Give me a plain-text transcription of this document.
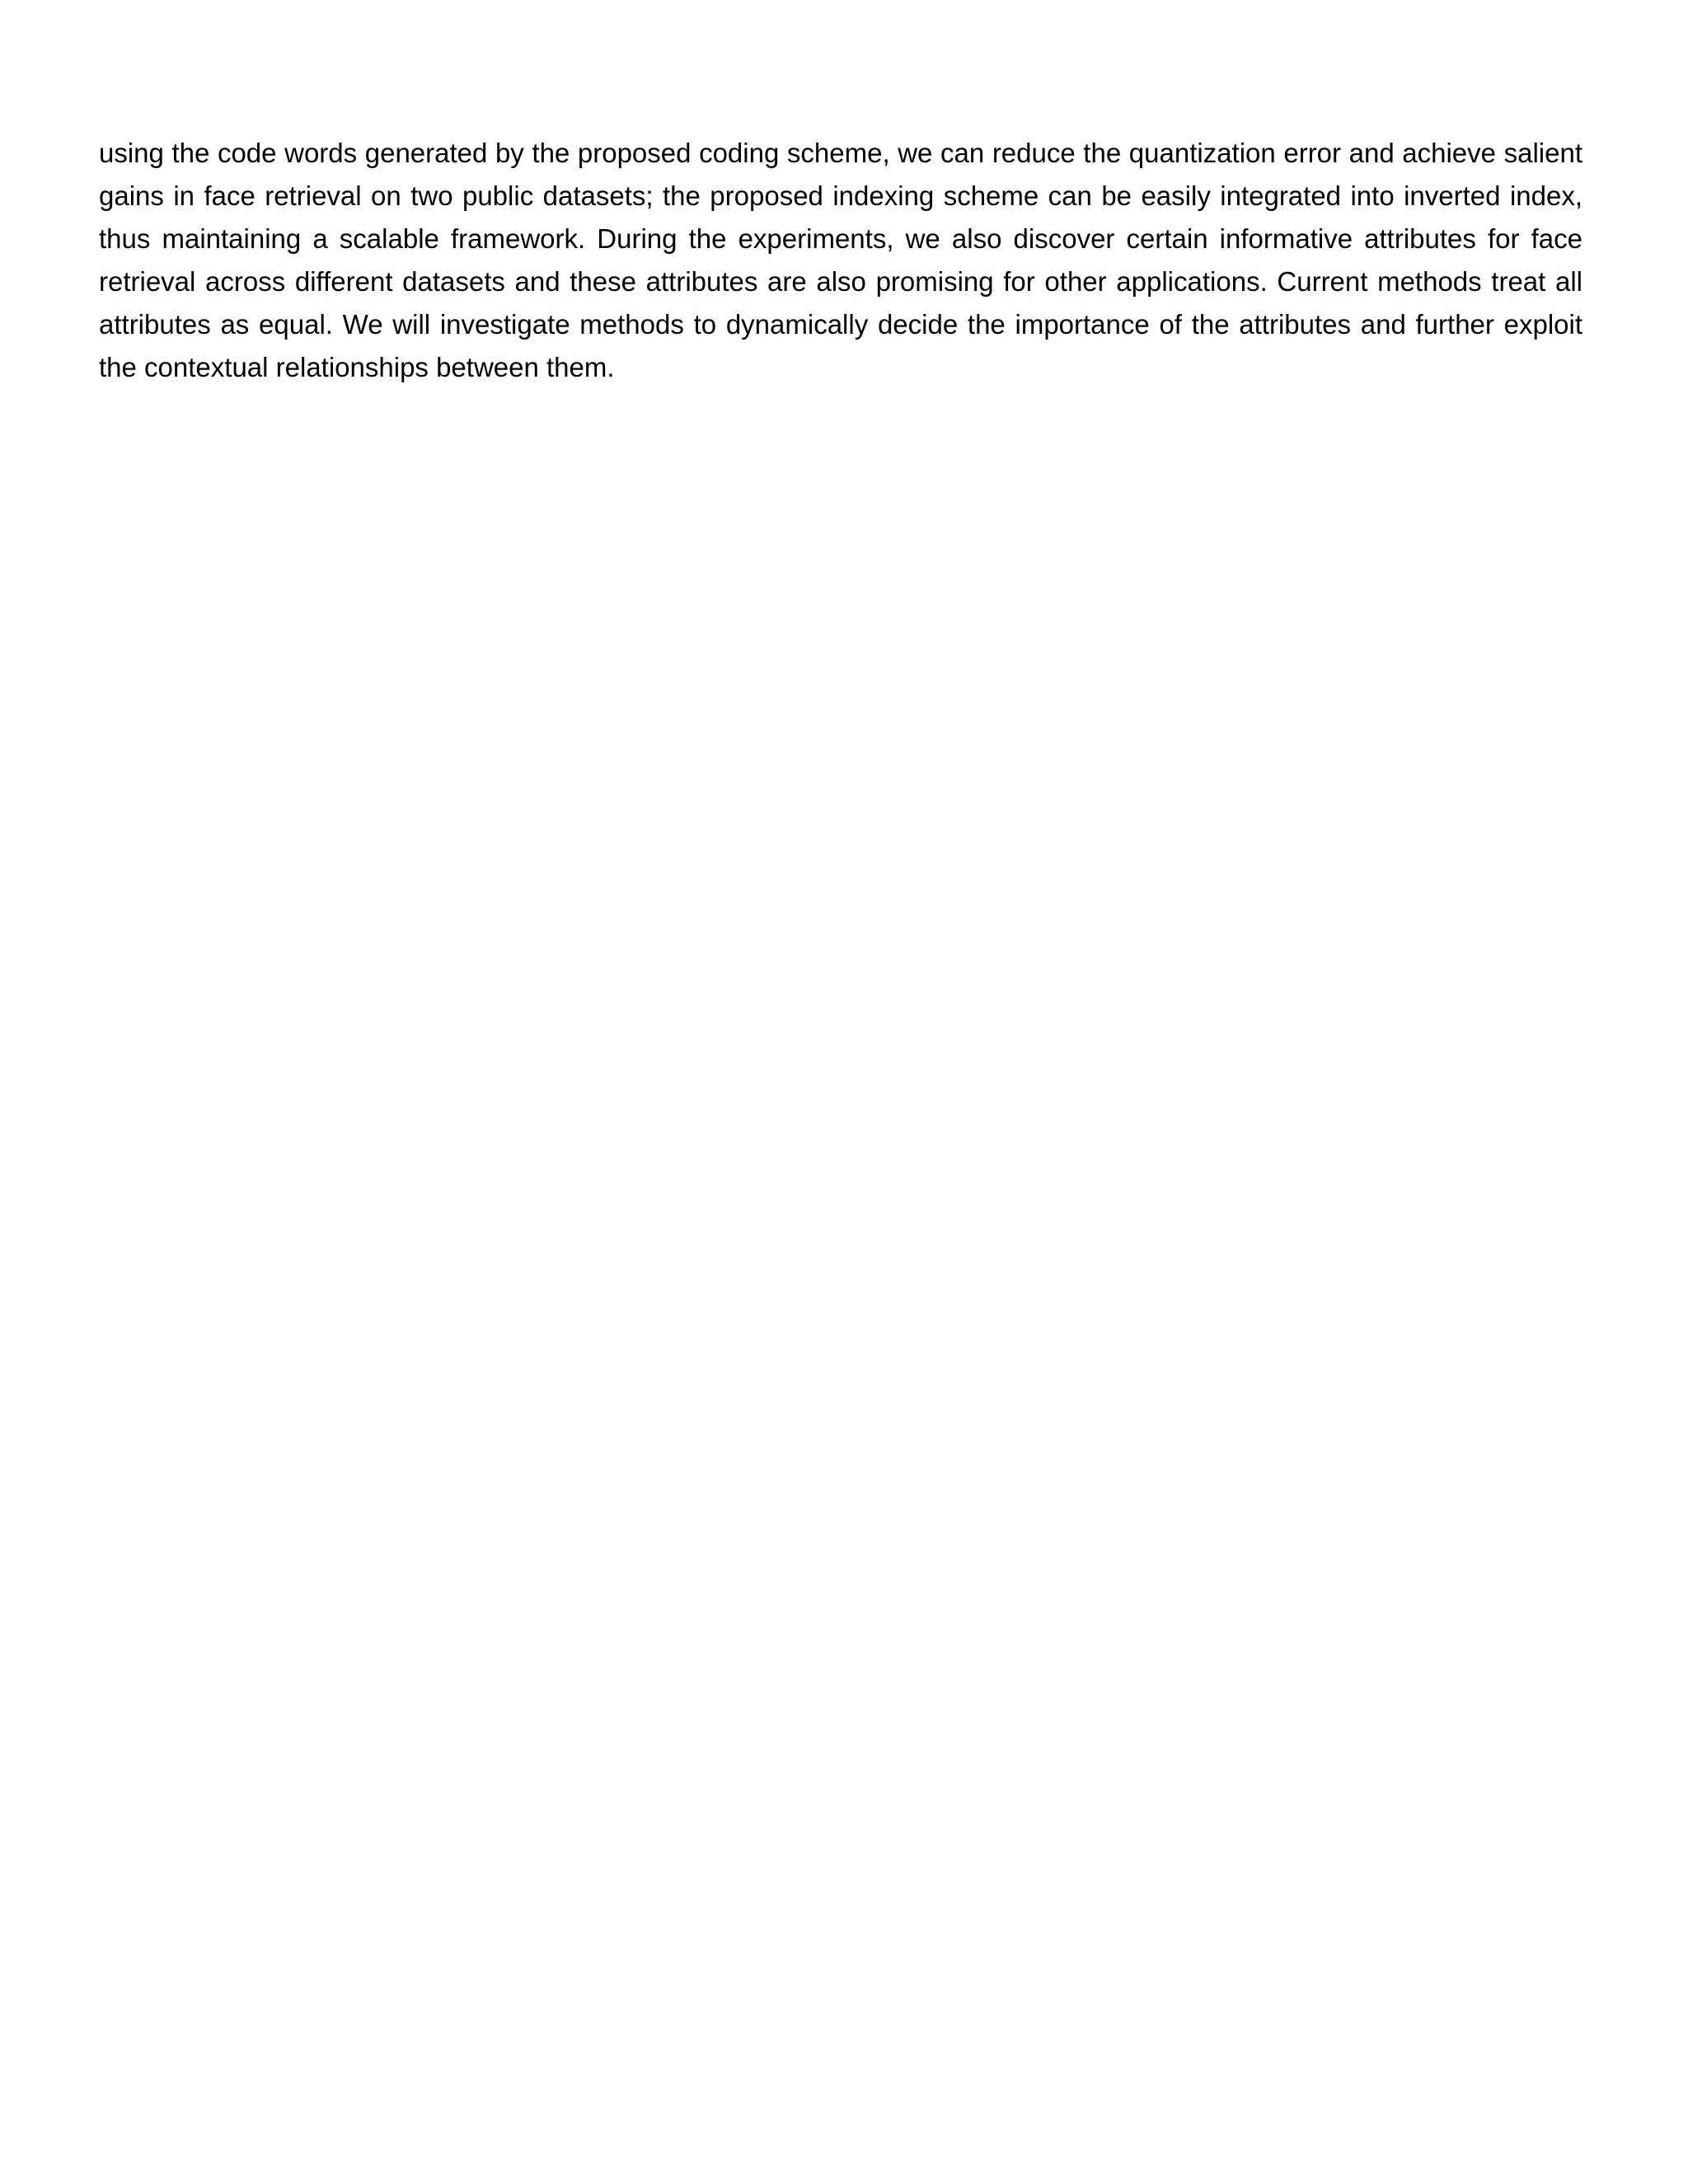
using the code words generated by the proposed coding scheme, we can reduce the quantization error and achieve salient gains in face retrieval on two public datasets; the proposed indexing scheme can be easily integrated into inverted index, thus maintaining a scalable framework. During the experiments, we also discover certain informative attributes for face retrieval across different datasets and these attributes are also promising for other applications. Current methods treat all attributes as equal. We will investigate methods to dynamically decide the importance of the attributes and further exploit the contextual relationships between them.
